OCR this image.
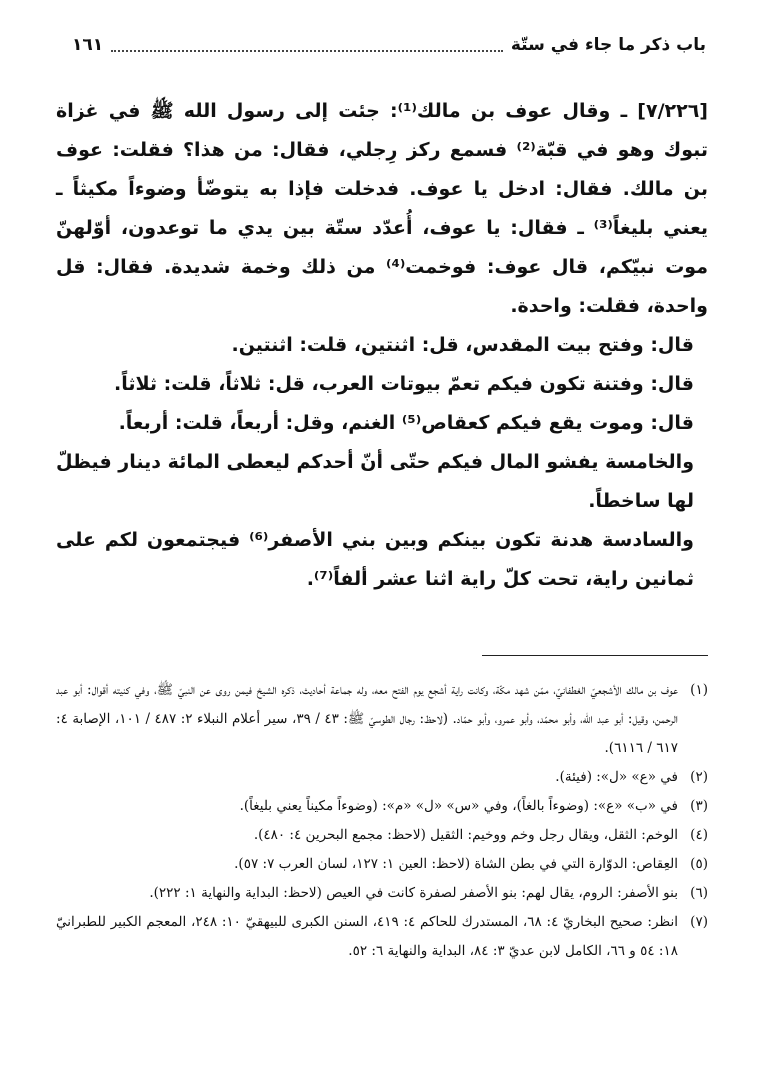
باب ذكر ما جاء في ستّة
١٦١

[٧/٢٢٦] ـ وقال عوف بن مالك⁽¹⁾: جئت إلى رسول الله ﷺ في غزاة تبوك وهو في قبّة⁽²⁾ فسمع ركز رِجلي، فقال: من هذا؟ فقلت: عوف بن مالك. فقال: ادخل يا عوف. فدخلت فإذا به يتوضّأ وضوءاً مكيثاً ـ يعني بليغاً⁽³⁾ ـ فقال: يا عوف، أُعدّد ستّة بين يدي ما توعدون، أوّلهنّ موت نبيّكم، قال عوف: فوخمت⁽⁴⁾ من ذلك وخمة شديدة. فقال: قل واحدة، فقلت: واحدة.

قال: وفتح بيت المقدس، قل: اثنتين، قلت: اثنتين.

قال: وفتنة تكون فيكم تعمّ بيوتات العرب، قل: ثلاثاً، قلت: ثلاثاً.

قال: وموت يقع فيكم كعقاص⁽⁵⁾ الغنم، وقل: أربعاً، قلت: أربعاً.

والخامسة يفشو المال فيكم حتّى أنّ أحدكم ليعطى المائة دينار فيظلّ لها ساخطاً.

والسادسة هدنة تكون بينكم وبين بني الأصفر⁽⁶⁾ فيجتمعون لكم على ثمانين راية، تحت كلّ راية اثنا عشر ألفاً⁽⁷⁾.

(١)
عوف بن مالك الأشجعيّ الغطفانيّ، ممّن شهد مكّة، وكانت راية أشجع يوم الفتح معه، وله جماعة أحاديث، ذكره الشيخ فيمن روى عن النبيّ ﷺ، وفي كنيته أقوال: أبو عبد الرحمن، وقيل: أبو عبد الله، وأبو محمّد، وأبو عمرو، وأبو حمّاد. (لاحظ: رجال الطوسيّ ﷺ: ٤٣ / ٣٩، سير أعلام النبلاء ٢: ٤٨٧ / ١٠١، الإصابة ٤: ٦١٧ / ٦١١٦).

(٢)
في «ع» «ل»: (فيئة).

(٣)
في «ب» «ع»: (وضوءاً بالغاً)، وفي «س» «ل» «م»: (وضوءاً مكيناً يعني بليغاً).

(٤)
الوخم: الثقل، ويقال رجل وخم ووخيم: الثقيل (لاحظ: مجمع البحرين ٤: ٤٨٠).

(٥)
العِقاص: الدوّارة التي في بطن الشاة (لاحظ: العين ١: ١٢٧، لسان العرب ٧: ٥٧).

(٦)
بنو الأصفر: الروم، يقال لهم: بنو الأصفر لصفرة كانت في العيص (لاحظ: البداية والنهاية ١: ٢٢٢).

(٧)
انظر: صحيح البخاريّ ٤: ٦٨، المستدرك للحاكم ٤: ٤١٩، السنن الكبرى للبيهقيّ ١٠: ٢٤٨، المعجم الكبير للطبرانيّ ١٨: ٥٤ و ٦٦، الكامل لابن عديّ ٣: ٨٤، البداية والنهاية ٦: ٥٢.
